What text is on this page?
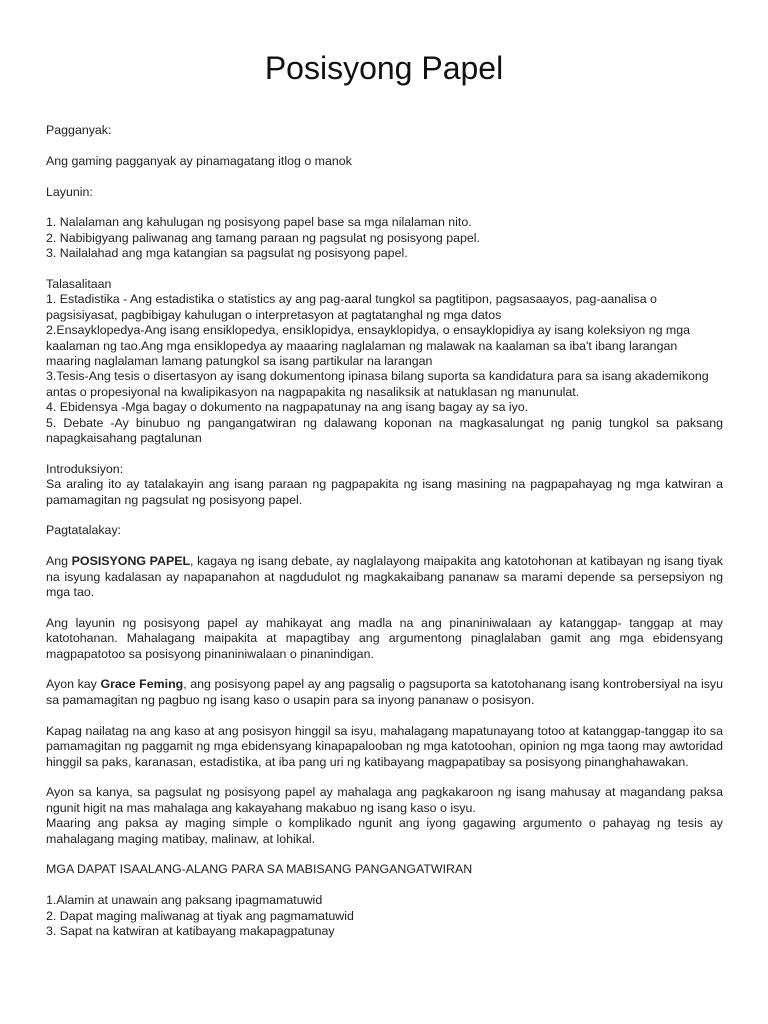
Posisyong Papel

Pagganyak:

Ang gaming pagganyak ay pinamagatang itlog o manok

Layunin:

1. Nalalaman ang kahulugan ng posisyong papel base sa mga nilalaman nito.

2. Nabibigyang paliwanag ang tamang paraan ng pagsulat ng posisyong papel.

3. Nailalahad ang mga katangian sa pagsulat ng posisyong papel.

Talasalitaan

1. Estadistika - Ang estadistika o statistics ay ang pag-aaral tungkol sa pagtitipon, pagsasaayos, pag-aanalisa o pagsisiyasat, pagbibigay kahulugan o interpretasyon at pagtatanghal ng mga datos

2.Ensayklopedya-Ang isang ensiklopedya, ensiklopidya, ensayklopidya, o ensayklopidiya ay isang koleksiyon ng mga kaalaman ng tao.Ang mga ensiklopedya ay maaaring naglalaman ng malawak na kaalaman sa iba't ibang larangan maaring naglalaman lamang patungkol sa isang partikular na larangan

3.Tesis-Ang tesis o disertasyon ay isang dokumentong ipinasa bilang suporta sa kandidatura para sa isang akademikong antas o propesiyonal na kwalipikasyon na nagpapakita ng nasaliksik at natuklasan ng manunulat.

4. Ebidensya -Mga bagay o dokumento na nagpapatunay na ang isang bagay ay sa iyo.

5. Debate -Ay binubuo ng pangangatwiran ng dalawang koponan na magkasalungat ng panig tungkol sa paksang napagkaisahang pagtalunan

Introduksiyon:

Sa araling ito ay tatalakayin ang isang paraan ng pagpapakita ng isang masining na pagpapahayag ng mga katwiran a pamamagitan ng pagsulat ng posisyong papel.

Pagtatalakay:

Ang POSISYONG PAPEL, kagaya ng isang debate, ay naglalayong maipakita ang katotohonan at katibayan ng isang tiyak na isyung kadalasan ay napapanahon at nagdudulot ng magkakaibang pananaw sa marami depende sa persepsiyon ng mga tao.

Ang layunin ng posisyong papel ay mahikayat ang madla na ang pinaniniwalaan ay katanggap- tanggap at may katotohanan. Mahalagang maipakita at mapagtibay ang argumentong pinaglalaban gamit ang mga ebidensyang magpapatotoo sa posisyong pinaniniwalaan o pinanindigan.

Ayon kay Grace Feming, ang posisyong papel ay ang pagsalig o pagsuporta sa katotohanang isang kontrobersiyal na isyu sa pamamagitan ng pagbuo ng isang kaso o usapin para sa inyong pananaw o posisyon.

Kapag nailatag na ang kaso at ang posisyon hinggil sa isyu, mahalagang mapatunayang totoo at katanggap-tanggap ito sa pamamagitan ng paggamit ng mga ebidensyang kinapapalooban ng mga katotoohan, opinion ng mga taong may awtoridad hinggil sa paks, karanasan, estadistika, at iba pang uri ng katibayang magpapatibay sa posisyong pinanghahawakan.

Ayon sa kanya, sa pagsulat ng posisyong papel ay mahalaga ang pagkakaroon ng isang mahusay at magandang paksa ngunit higit na mas mahalaga ang kakayahang makabuo ng isang kaso o isyu.

Maaring ang paksa ay maging simple o komplikado ngunit ang iyong gagawing argumento o pahayag ng tesis ay mahalagang maging matibay, malinaw, at lohikal.

MGA DAPAT ISAALANG-ALANG PARA SA MABISANG PANGANGATWIRAN

1.Alamin at unawain ang paksang ipagmamatuwid

2. Dapat maging maliwanag at tiyak ang pagmamatuwid

3. Sapat na katwiran at katibayang makapagpatunay
